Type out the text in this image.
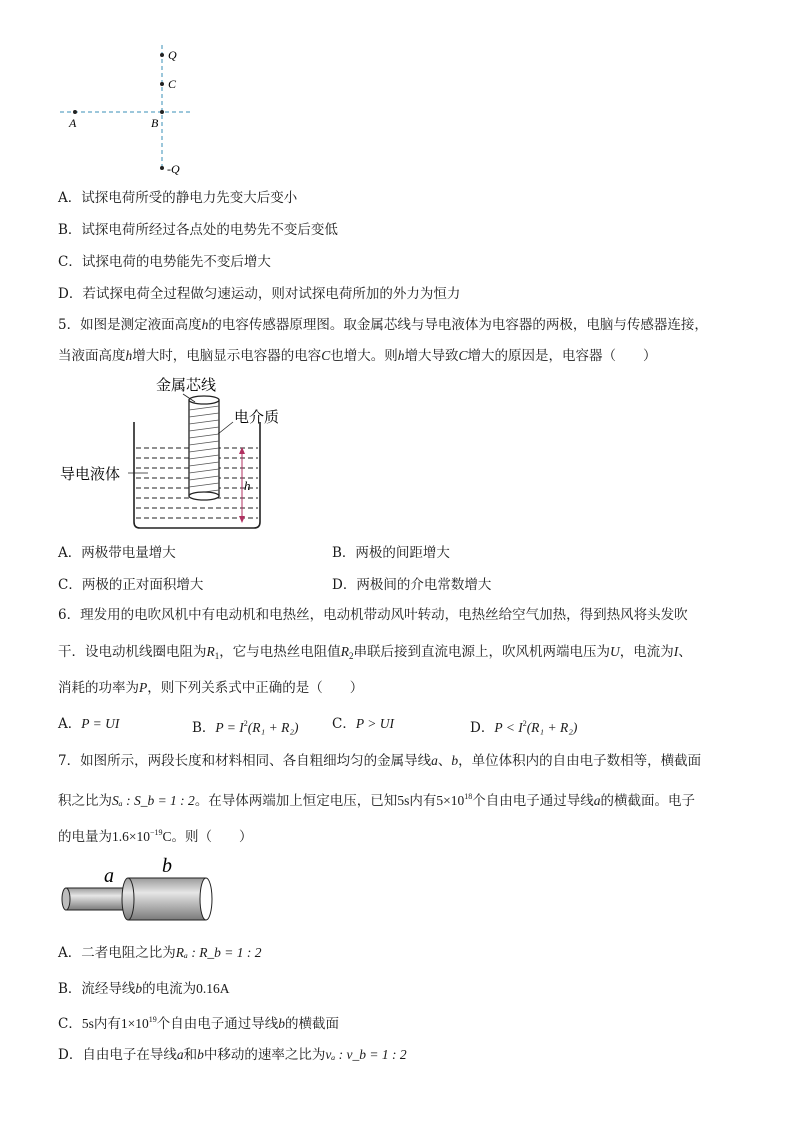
Q
C
A	B
-Q
A．试探电荷所受的静电力先变大后变小
B．试探电荷所经过各点处的电势先不变后变低
C．试探电荷的电势能先不变后增大
D．若试探电荷全过程做匀速运动，则对试探电荷所加的外力为恒力
5．如图是测定液面高度h的电容传感器原理图。取金属芯线与导电液体为电容器的两极，电脑与传感器连接，
当液面高度h增大时，电脑显示电容器的电容C也增大。则h增大导致C增大的原因是，电容器（　　）
h
金属芯线
电介质
导电液体
A．两极带电量增大	B．两极的间距增大
C．两极的正对面积增大	D．两极间的介电常数增大
6．理发用的电吹风机中有电动机和电热丝，电动机带动风叶转动，电热丝给空气加热，得到热风将头发吹
干．设电动机线圈电阻为$R_1$，它与电热丝电阻值$R_2$串联后接到直流电源上，吹风机两端电压为U，电流为I、
消耗的功率为P，则下列关系式中正确的是（　　）
A．P = UI	B．$P = I^2(R_1 + R_2)$ C．P > UI	D．$P < I^2(R_1 + R_2)$
7．如图所示，两段长度和材料相同、各自粗细均匀的金属导线a、b，单位体积内的自由电子数相等，横截面
积之比为Sₐ : S_b = 1 : 2。在导体两端加上恒定电压，已知5s内有$5\times 10^{18}$个自由电子通过导线a的横截面。电子
的电量为$1.6\times 10^{-19}C$。则（　　）
a b
A．二者电阻之比为Rₐ : R_b = 1 : 2
B．流经导线b的电流为0.16A
C．5s内有$1\times 10^{19}$个自由电子通过导线b的横截面
D．自由电子在导线a和b中移动的速率之比为vₐ : v_b = 1 : 2
